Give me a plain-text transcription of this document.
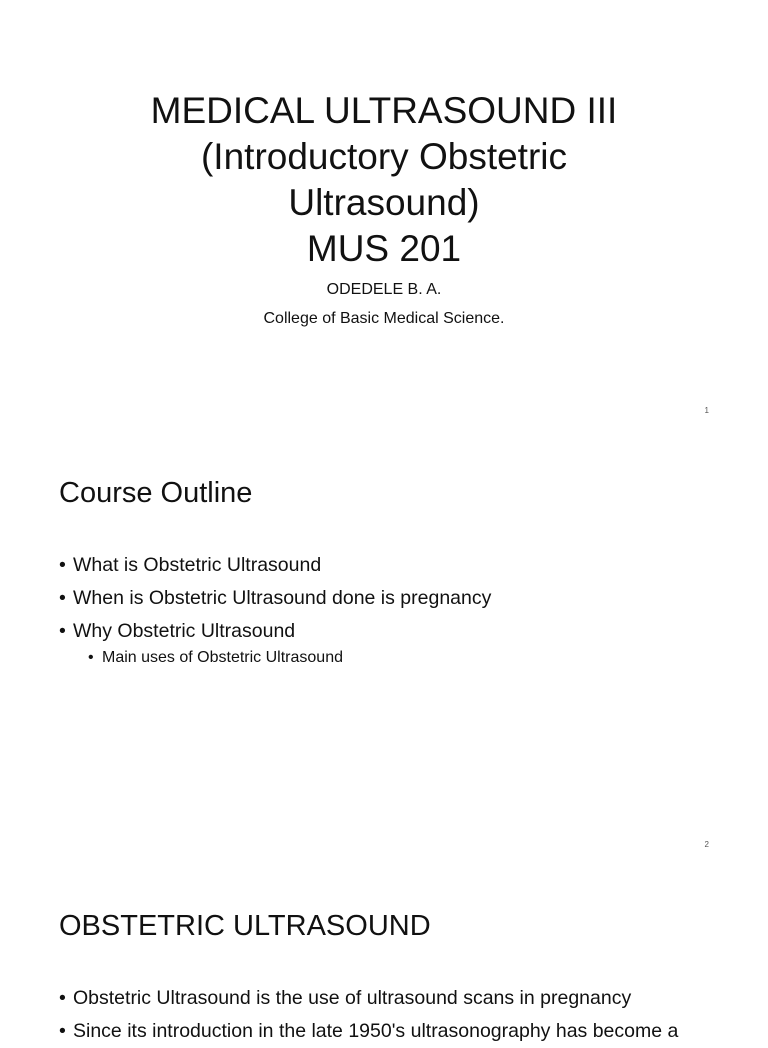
MEDICAL ULTRASOUND III
(Introductory Obstetric
Ultrasound)
MUS 201
ODEDELE B. A.
College of Basic Medical Science.
1
Course Outline
• What is Obstetric Ultrasound
• When is Obstetric Ultrasound done is pregnancy
• Why Obstetric Ultrasound
• Main uses of Obstetric Ultrasound
2
OBSTETRIC ULTRASOUND
• Obstetric Ultrasound is the use of ultrasound scans in pregnancy
• Since its introduction in the late 1950's ultrasonography has become a
